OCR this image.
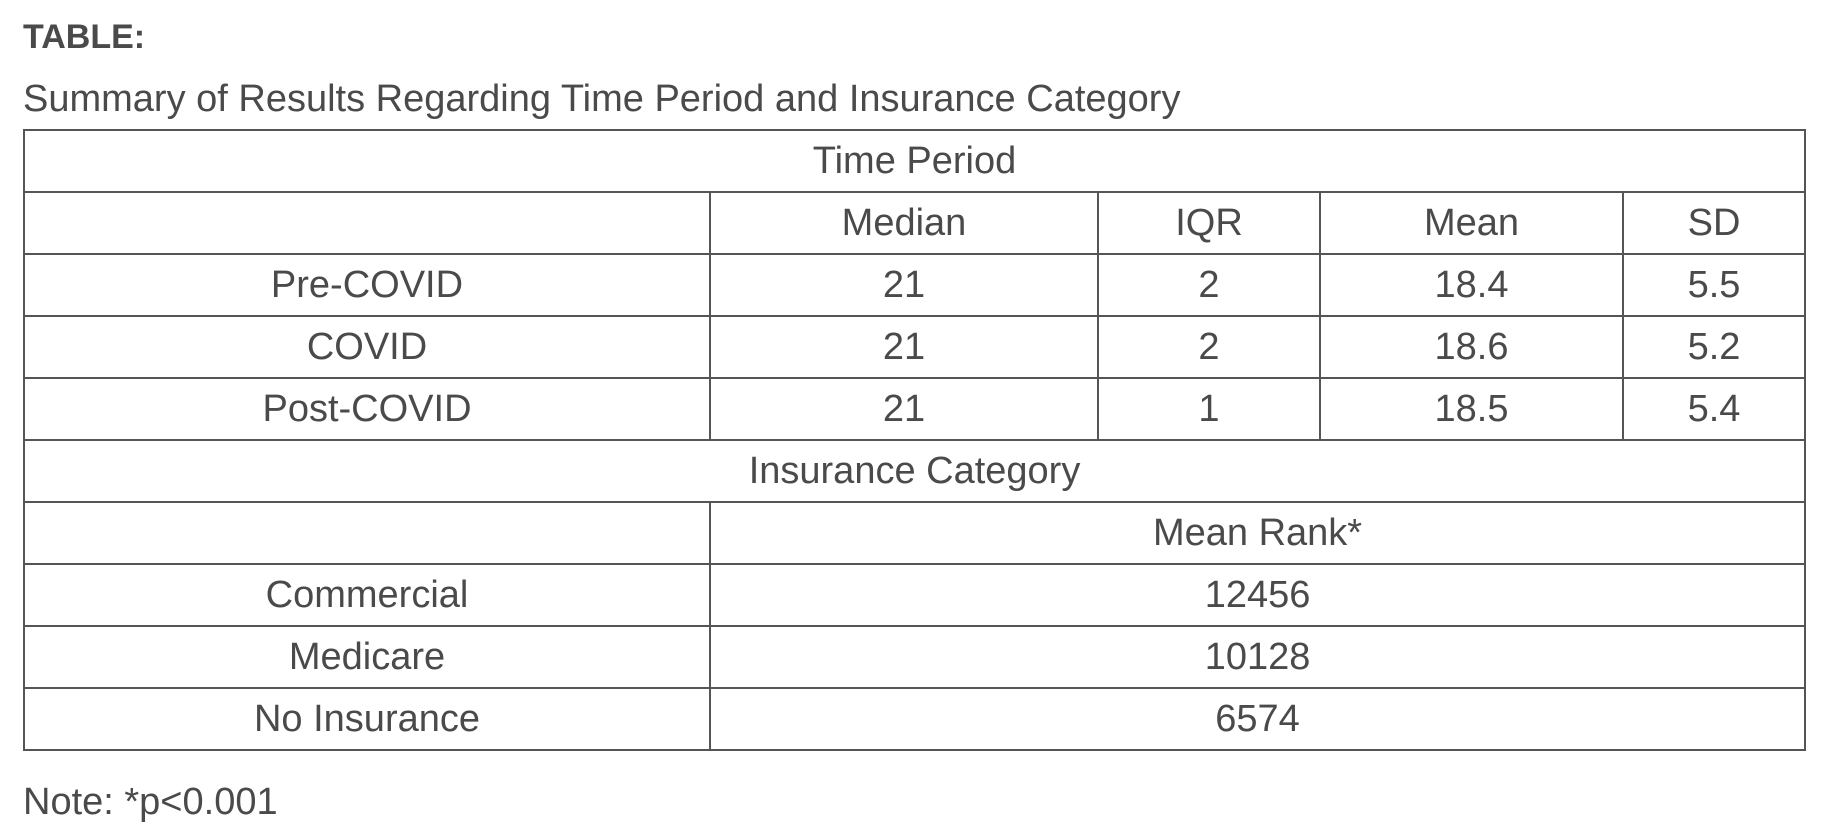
TABLE:
Summary of Results Regarding Time Period and Insurance Category
Time Period				
	Median	IQR	Mean	SD
Pre-COVID	21	2	18.4	5.5
COVID	21	2	18.6	5.2
Post-COVID	21	1	18.5	5.4
Insurance Category				
	Mean Rank*			
Commercial	12456			
Medicare	10128			
No Insurance	6574			
Note: *p<0.001
